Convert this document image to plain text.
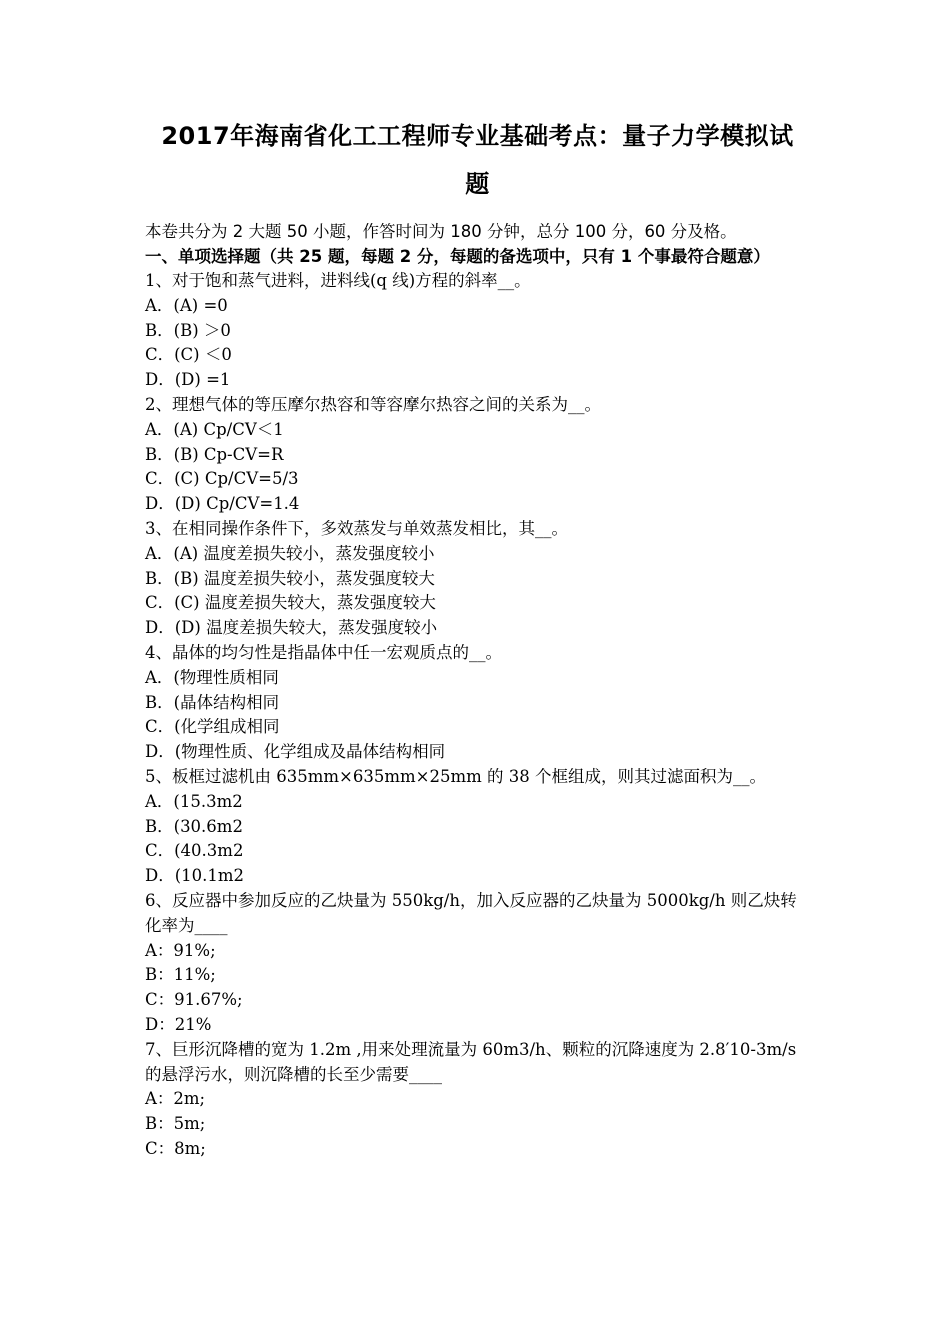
2017年海南省化工工程师专业基础考点：量子力学模拟试
题
本卷共分为 2 大题 50 小题，作答时间为 180 分钟，总分 100 分，60 分及格。
一、单项选择题（共 25 题，每题 2 分，每题的备选项中，只有 1 个事最符合题意）
1、对于饱和蒸气进料，进料线(q 线)方程的斜率__。
A．(A) =0
B．(B) ＞0
C．(C) ＜0
D．(D) =1
2、理想气体的等压摩尔热容和等容摩尔热容之间的关系为__。
A．(A) Cp/CV＜1
B．(B) Cp-CV=R
C．(C) Cp/CV=5/3
D．(D) Cp/CV=1.4
3、在相同操作条件下，多效蒸发与单效蒸发相比，其__。
A．(A) 温度差损失较小，蒸发强度较小
B．(B) 温度差损失较小，蒸发强度较大
C．(C) 温度差损失较大，蒸发强度较大
D．(D) 温度差损失较大，蒸发强度较小
4、晶体的均匀性是指晶体中任一宏观质点的__。
A．(物理性质相同
B．(晶体结构相同
C．(化学组成相同
D．(物理性质、化学组成及晶体结构相同
5、板框过滤机由 635mm×635mm×25mm 的 38 个框组成，则其过滤面积为__。
A．(15.3m2
B．(30.6m2
C．(40.3m2
D．(10.1m2
6、反应器中参加反应的乙炔量为 550kg/h，加入反应器的乙炔量为 5000kg/h 则乙炔转化率为____
A：91%;
B：11%;
C：91.67%;
D：21%
7、巨形沉降槽的宽为 1.2m ,用来处理流量为 60m3/h、颗粒的沉降速度为 2.8′10-3m/s 的悬浮污水，则沉降槽的长至少需要____
A：2m;
B：5m;
C：8m;
